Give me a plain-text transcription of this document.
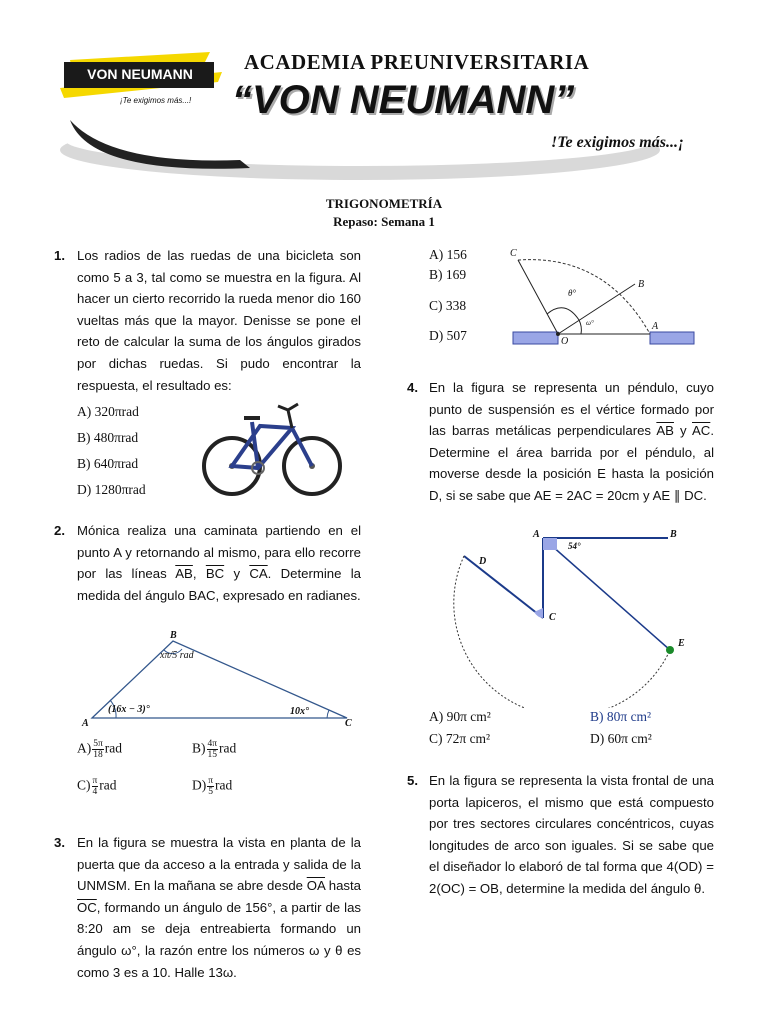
VON NEUMANN
¡Te exigimos más...!
ACADEMIA PREUNIVERSITARIA
“VON NEUMANN”
!Te exigimos más...¡
TRIGONOMETRÍA
Repaso: Semana 1
1. Los radios de las ruedas de una bicicleta son como 5 a 3, tal como se muestra en la figura. Al hacer un cierto recorrido la rueda menor dio 160 vueltas más que la mayor. Denisse se pone el reto de calcular la suma de los ángulos girados por dichas ruedas. Si pudo encontrar la respuesta, el resultado es:
A) 320πrad
B) 480πrad
B) 640πrad
D) 1280πrad
2. Mónica realiza una caminata partiendo en el punto A y retornando al mismo, para ello recorre por las líneas $\overline{AB}$, $\overline{BC}$ y $\overline{CA}$. Determine la medida del ángulo BAC, expresado en radianes.
B
xπ/5 rad
A
(16x − 3)°	10x°
C
$A) \frac{5\pi}{18}$ rad	$B) \frac{4\pi}{15}$ rad
$C) \frac{\pi}{4}$ rad	$D) \frac{\pi}{5}$ rad
3. En la figura se muestra la vista en planta de la puerta que da acceso a la entrada y salida de la UNMSM. En la mañana se abre desde $\overline{OA}$ hasta $\overline{OC}$, formando un ángulo de 156°, a partir de las 8:20 am se deja entreabierta formando un ángulo ω°, la razón entre los números ω y θ es como 3 es a 10. Halle 13ω.
A) 156
B) 169
C) 338
D) 507
C
B
A
O
θ°
ω°
4. En la figura se representa un péndulo, cuyo punto de suspensión es el vértice formado por las barras metálicas perpendiculares $\overline{AB}$ y $\overline{AC}$. Determine el área barrida por el péndulo, al moverse desde la posición E hasta la posición D, si se sabe que AE = 2AC = 20cm y AE ∥ DC.
A
54°
B
D
C
E
A) 90π cm²	B) 80π cm²
C) 72π cm²	D) 60π cm²
5. En la figura se representa la vista frontal de una porta lapiceros, el mismo que está compuesto por tres sectores circulares concéntricos, cuyas longitudes de arco son iguales. Si se sabe que el diseñador lo elaboró de tal forma que 4(OD) = 2(OC) = OB, determine la medida del ángulo θ.
